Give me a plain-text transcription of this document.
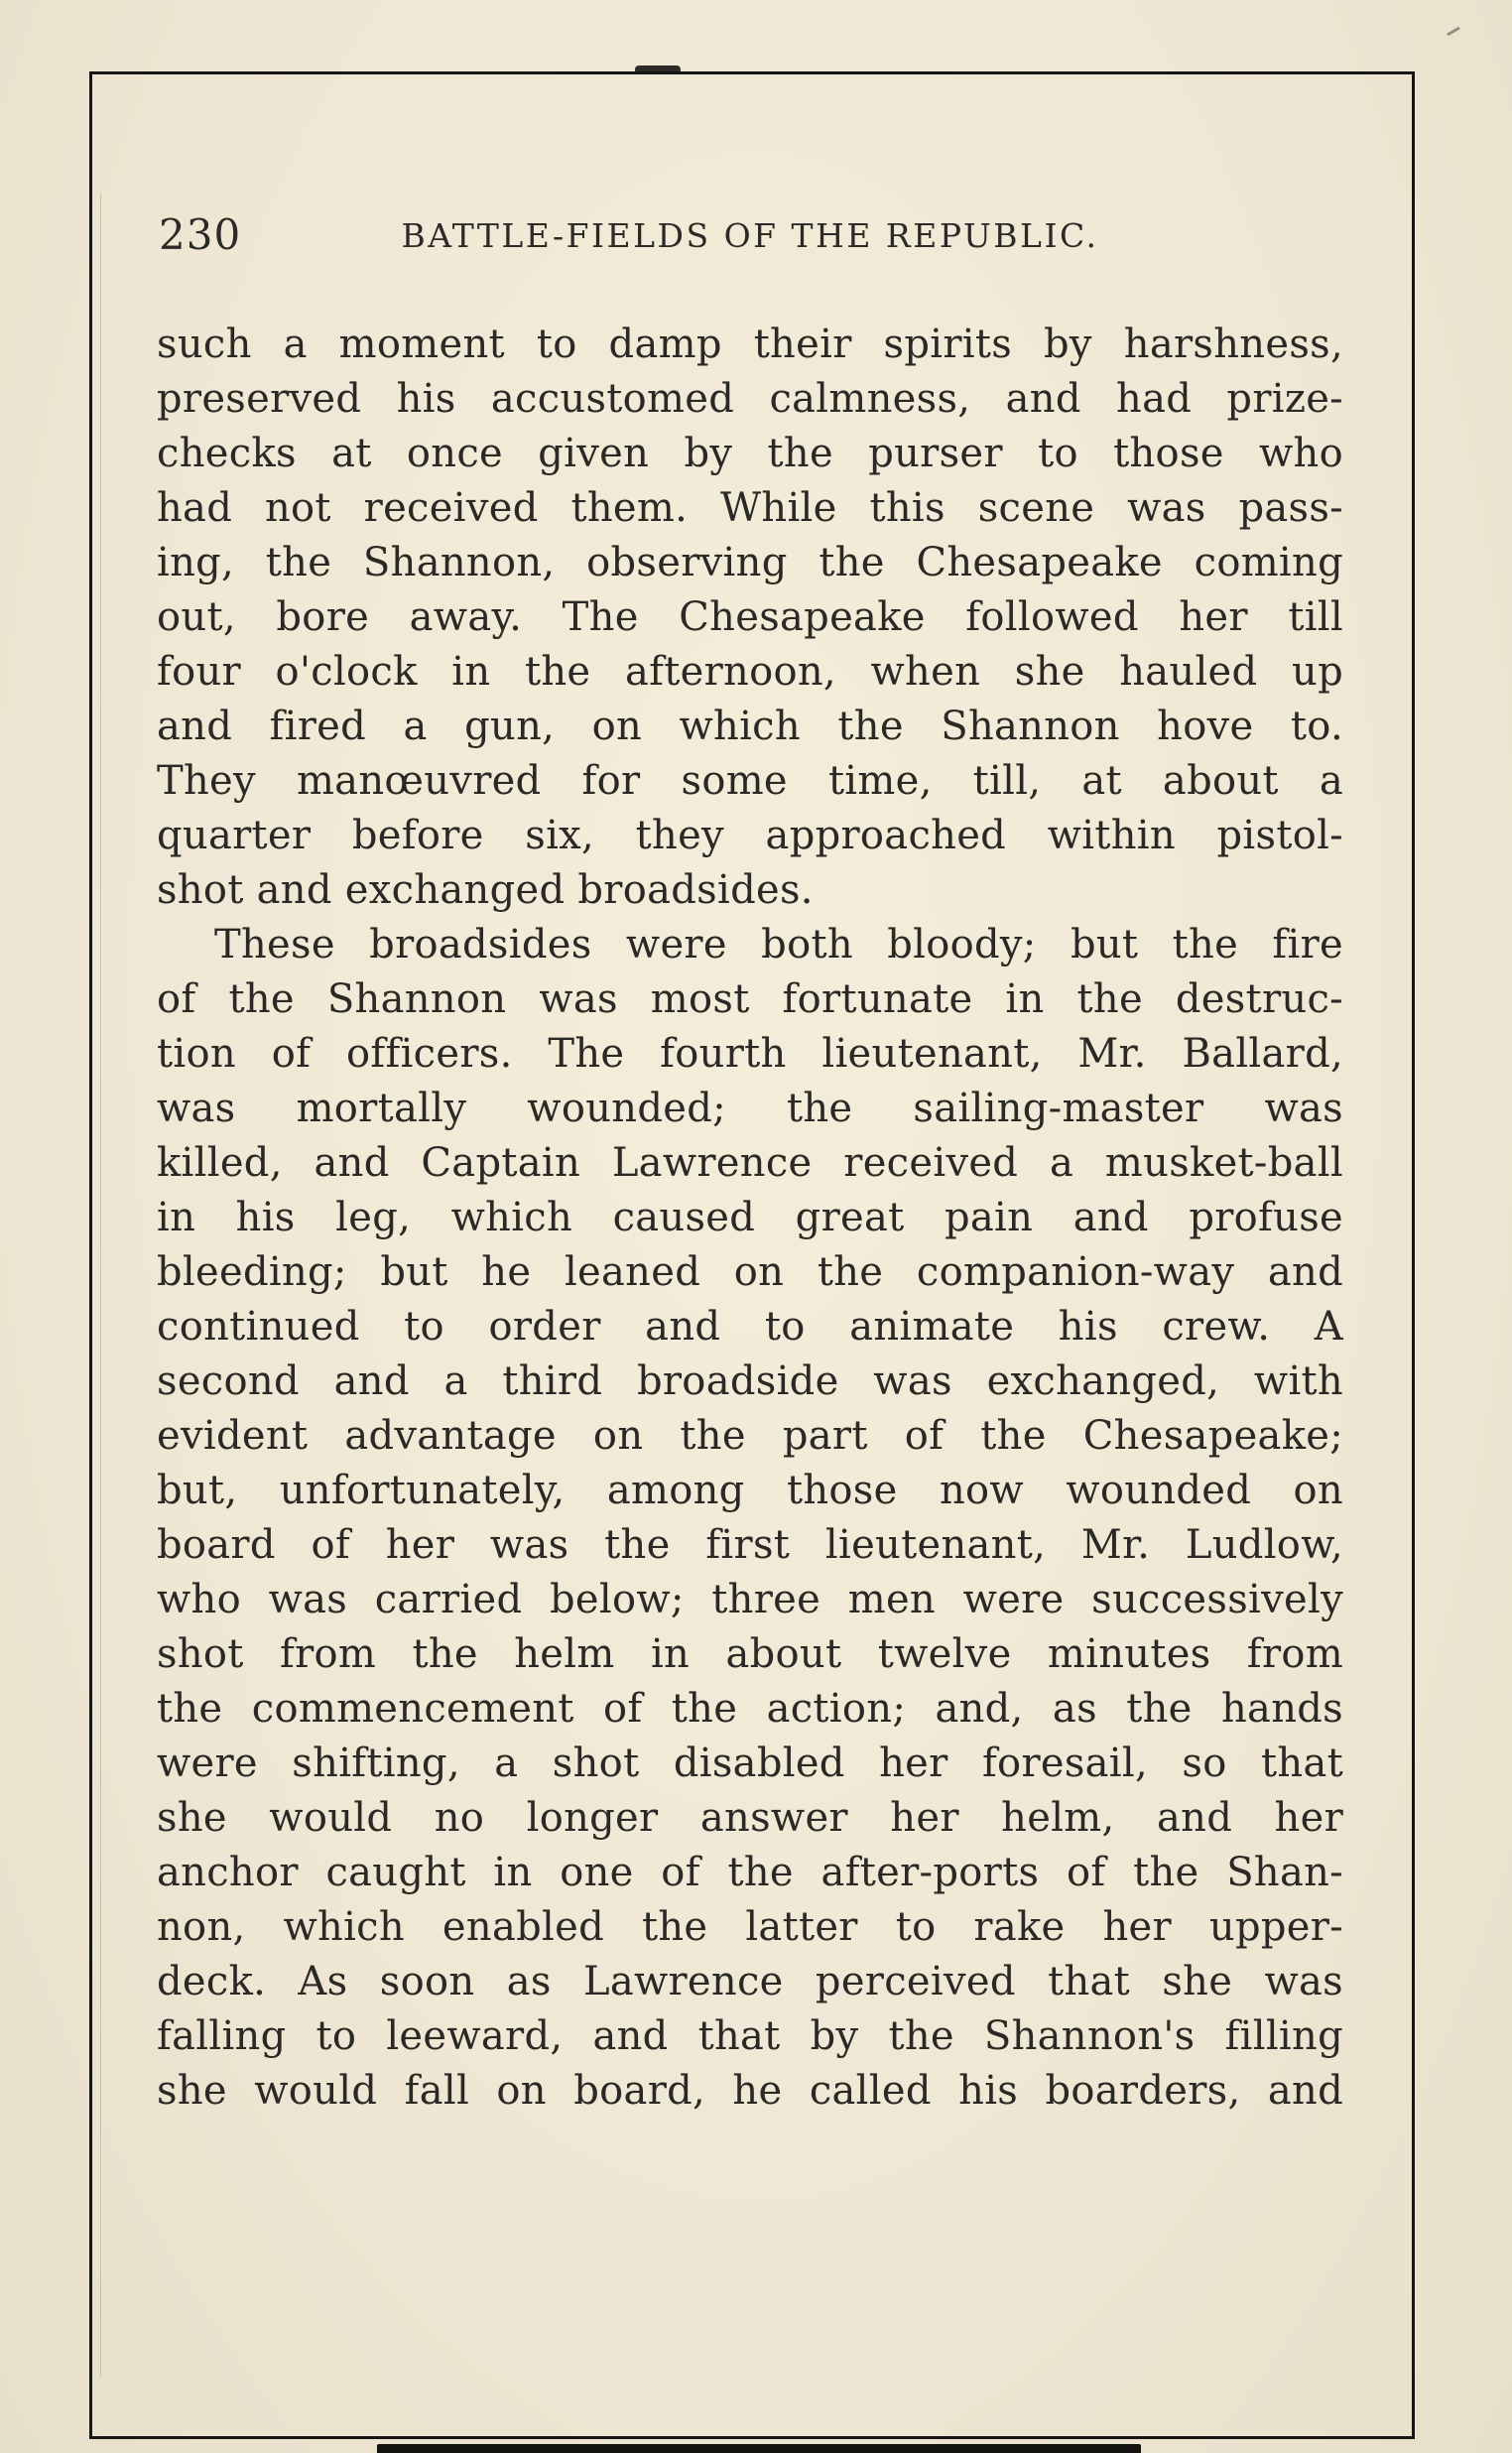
230	BATTLE-FIELDS OF THE REPUBLIC.
such a moment to damp their spirits by harshness,
preserved his accustomed calmness, and had prize-
checks at once given by the purser to those who
had not received them. While this scene was pass-
ing, the Shannon, observing the Chesapeake coming
out, bore away. The Chesapeake followed her till
four o'clock in the afternoon, when she hauled up
and fired a gun, on which the Shannon hove to.
They manœuvred for some time, till, at about a
quarter before six, they approached within pistol-
shot and exchanged broadsides.
These broadsides were both bloody; but the fire
of the Shannon was most fortunate in the destruc-
tion of officers. The fourth lieutenant, Mr. Ballard,
was mortally wounded; the sailing-master was
killed, and Captain Lawrence received a musket-ball
in his leg, which caused great pain and profuse
bleeding; but he leaned on the companion-way and
continued to order and to animate his crew. A
second and a third broadside was exchanged, with
evident advantage on the part of the Chesapeake;
but, unfortunately, among those now wounded on
board of her was the first lieutenant, Mr. Ludlow,
who was carried below; three men were successively
shot from the helm in about twelve minutes from
the commencement of the action; and, as the hands
were shifting, a shot disabled her foresail, so that
she would no longer answer her helm, and her
anchor caught in one of the after-ports of the Shan-
non, which enabled the latter to rake her upper-
deck. As soon as Lawrence perceived that she was
falling to leeward, and that by the Shannon's filling
she would fall on board, he called his boarders, and
